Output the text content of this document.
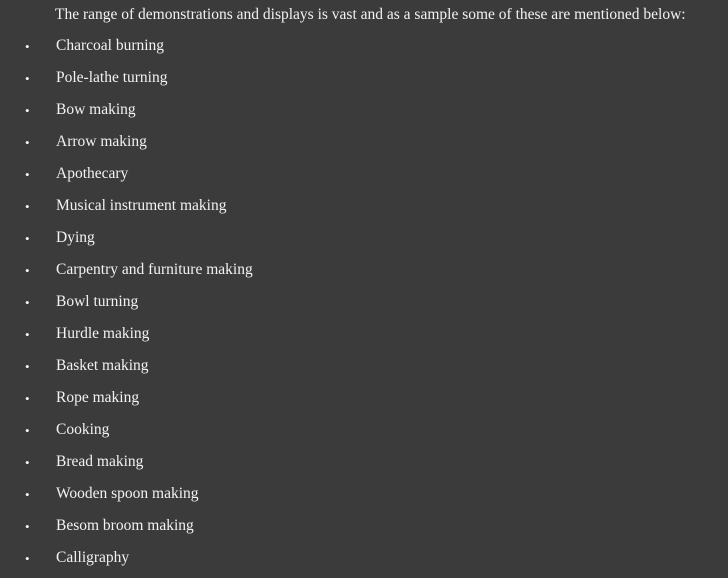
The range of demonstrations and displays is vast and as a sample some of these are mentioned below:

• Charcoal burning
• Pole-lathe turning
• Bow making
• Arrow making
• Apothecary
• Musical instrument making
• Dying
• Carpentry and furniture making
• Bowl turning
• Hurdle making
• Basket making
• Rope making
• Cooking
• Bread making
• Wooden spoon making
• Besom broom making
• Calligraphy
